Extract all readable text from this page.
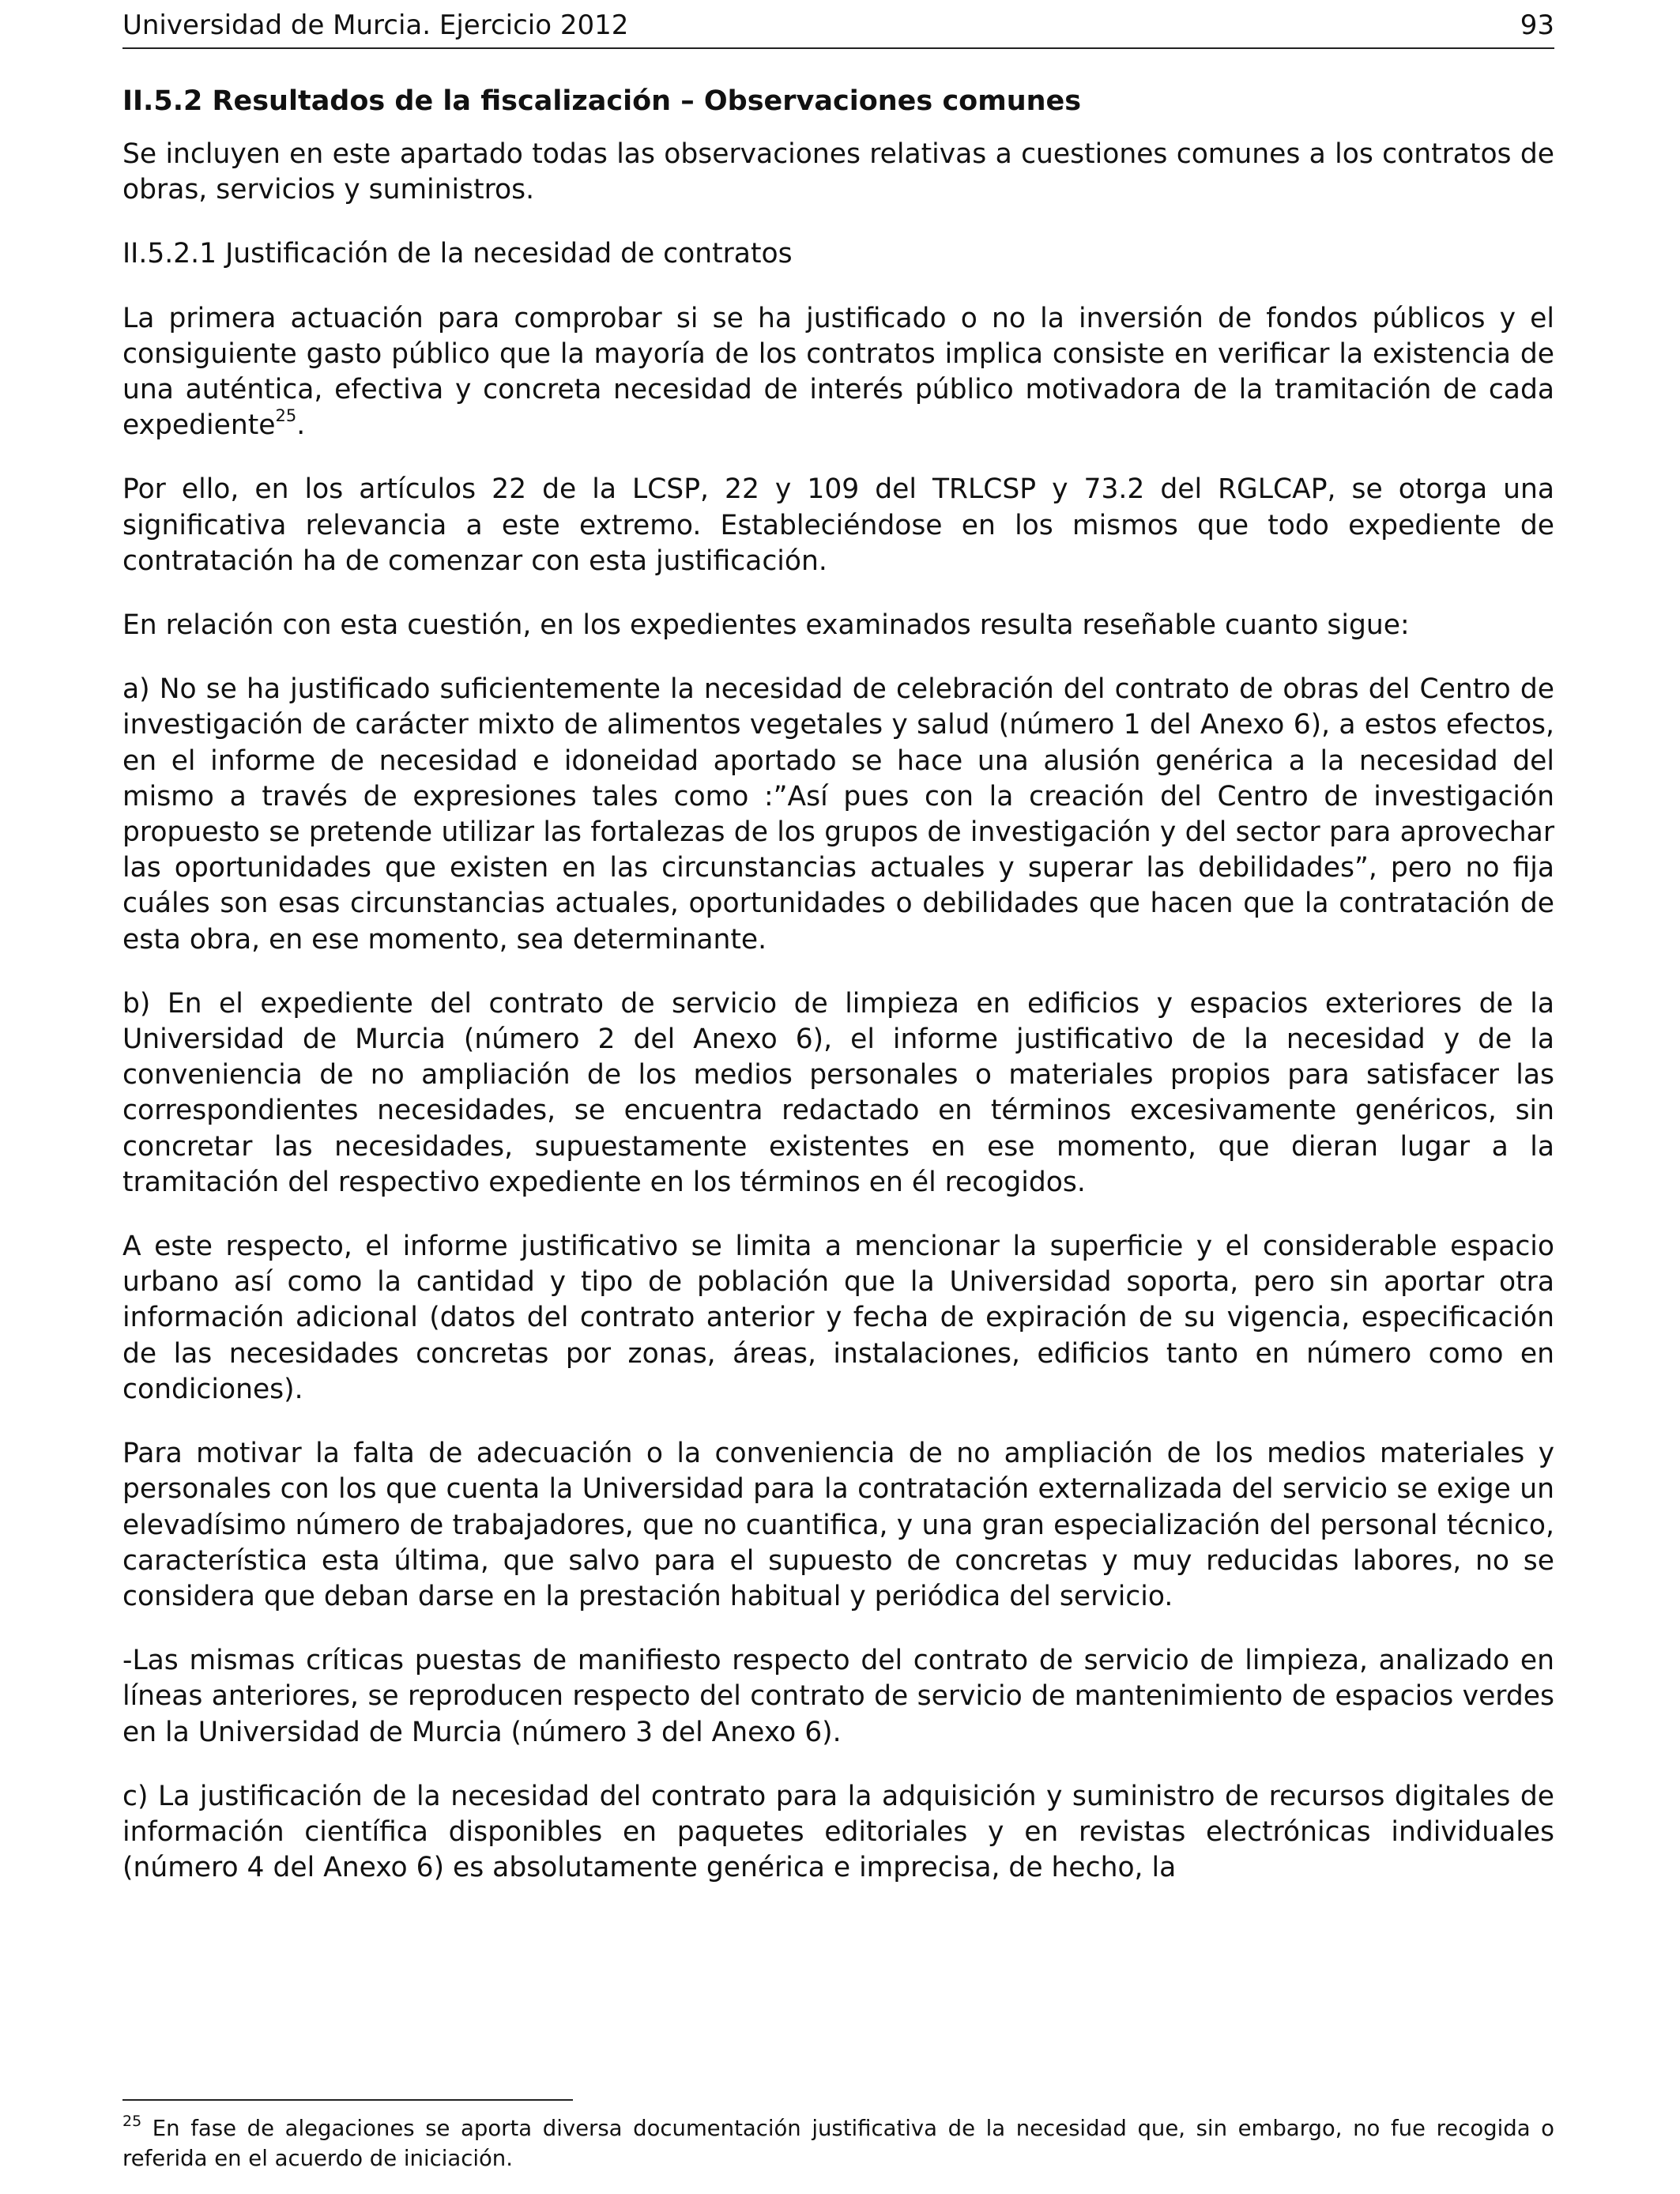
Universidad de Murcia. Ejercicio 2012	93
II.5.2 Resultados de la fiscalización – Observaciones comunes

Se incluyen en este apartado todas las observaciones relativas a cuestiones comunes a los contratos de obras, servicios y suministros.

II.5.2.1 Justificación de la necesidad de contratos

La primera actuación para comprobar si se ha justificado o no la inversión de fondos públicos y el consiguiente gasto público que la mayoría de los contratos implica consiste en verificar la existencia de una auténtica, efectiva y concreta necesidad de interés público motivadora de la tramitación de cada expediente$^{25}$.

Por ello, en los artículos 22 de la LCSP, 22 y 109 del TRLCSP y 73.2 del RGLCAP, se otorga una significativa relevancia a este extremo. Estableciéndose en los mismos que todo expediente de contratación ha de comenzar con esta justificación.

En relación con esta cuestión, en los expedientes examinados resulta reseñable cuanto sigue:

a) No se ha justificado suficientemente la necesidad de celebración del contrato de obras del Centro de investigación de carácter mixto de alimentos vegetales y salud (número 1 del Anexo 6), a estos efectos, en el informe de necesidad e idoneidad aportado se hace una alusión genérica a la necesidad del mismo a través de expresiones tales como :”Así pues con la creación del Centro de investigación propuesto se pretende utilizar las fortalezas de los grupos de investigación y del sector para aprovechar las oportunidades que existen en las circunstancias actuales y superar las debilidades”, pero no fija cuáles son esas circunstancias actuales, oportunidades o debilidades que hacen que la contratación de esta obra, en ese momento, sea determinante.

b) En el expediente del contrato de servicio de limpieza en edificios y espacios exteriores de la Universidad de Murcia (número 2 del Anexo 6), el informe justificativo de la necesidad y de la conveniencia de no ampliación de los medios personales o materiales propios para satisfacer las correspondientes necesidades, se encuentra redactado en términos excesivamente genéricos, sin concretar las necesidades, supuestamente existentes en ese momento, que dieran lugar a la tramitación del respectivo expediente en los términos en él recogidos.

A este respecto, el informe justificativo se limita a mencionar la superficie y el considerable espacio urbano así como la cantidad y tipo de población que la Universidad soporta, pero sin aportar otra información adicional (datos del contrato anterior y fecha de expiración de su vigencia, especificación de las necesidades concretas por zonas, áreas, instalaciones, edificios tanto en número como en condiciones).

Para motivar la falta de adecuación o la conveniencia de no ampliación de los medios materiales y personales con los que cuenta la Universidad para la contratación externalizada del servicio se exige un elevadísimo número de trabajadores, que no cuantifica, y una gran especialización del personal técnico, característica esta última, que salvo para el supuesto de concretas y muy reducidas labores, no se considera que deban darse en la prestación habitual y periódica del servicio.

-Las mismas críticas puestas de manifiesto respecto del contrato de servicio de limpieza, analizado en líneas anteriores, se reproducen respecto del contrato de servicio de mantenimiento de espacios verdes en la Universidad de Murcia (número 3 del Anexo 6).

c) La justificación de la necesidad del contrato para la adquisición y suministro de recursos digitales de información científica disponibles en paquetes editoriales y en revistas electrónicas individuales (número 4 del Anexo 6) es absolutamente genérica e imprecisa, de hecho, la

$^{25}$ En fase de alegaciones se aporta diversa documentación justificativa de la necesidad que, sin embargo, no fue recogida o referida en el acuerdo de iniciación.
